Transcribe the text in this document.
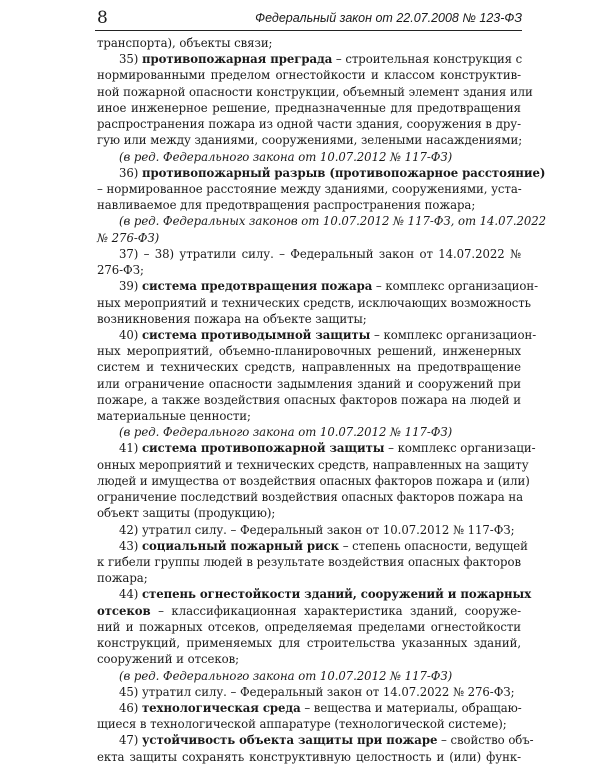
8	Федеральный закон от 22.07.2008 № 123-ФЗ
транспорта), объекты связи;
35) противопожарная преграда – строительная конструкция с
нормированными пределом огнестойкости и классом конструктив-
ной пожарной опасности конструкции, объемный элемент здания или
иное инженерное решение, предназначенные для предотвращения
распространения пожара из одной части здания, сооружения в дру-
гую или между зданиями, сооружениями, зелеными насаждениями;
(в ред. Федерального закона от 10.07.2012 № 117-ФЗ)
36) противопожарный разрыв (противопожарное расстояние)
– нормированное расстояние между зданиями, сооружениями, уста-
навливаемое для предотвращения распространения пожара;
(в ред. Федеральных законов от 10.07.2012 № 117-ФЗ, от 14.07.2022
№ 276-ФЗ)
37) – 38) утратили силу. – Федеральный закон от 14.07.2022 №
276-ФЗ;
39) система предотвращения пожара – комплекс организацион-
ных мероприятий и технических средств, исключающих возможность
возникновения пожара на объекте защиты;
40) система противодымной защиты – комплекс организацион-
ных мероприятий, объемно-планировочных решений, инженерных
систем и технических средств, направленных на предотвращение
или ограничение опасности задымления зданий и сооружений при
пожаре, а также воздействия опасных факторов пожара на людей и
материальные ценности;
(в ред. Федерального закона от 10.07.2012 № 117-ФЗ)
41) система противопожарной защиты – комплекс организаци-
онных мероприятий и технических средств, направленных на защиту
людей и имущества от воздействия опасных факторов пожара и (или)
ограничение последствий воздействия опасных факторов пожара на
объект защиты (продукцию);
42) утратил силу. – Федеральный закон от 10.07.2012 № 117-ФЗ;
43) социальный пожарный риск – степень опасности, ведущей
к гибели группы людей в результате воздействия опасных факторов
пожара;
44) степень огнестойкости зданий, сооружений и пожарных
отсеков – классификационная характеристика зданий, сооруже-
ний и пожарных отсеков, определяемая пределами огнестойкости
конструкций, применяемых для строительства указанных зданий,
сооружений и отсеков;
(в ред. Федерального закона от 10.07.2012 № 117-ФЗ)
45) утратил силу. – Федеральный закон от 14.07.2022 № 276-ФЗ;
46) технологическая среда – вещества и материалы, обращаю-
щиеся в технологической аппаратуре (технологической системе);
47) устойчивость объекта защиты при пожаре – свойство объ-
екта защиты сохранять конструктивную целостность и (или) функ-
